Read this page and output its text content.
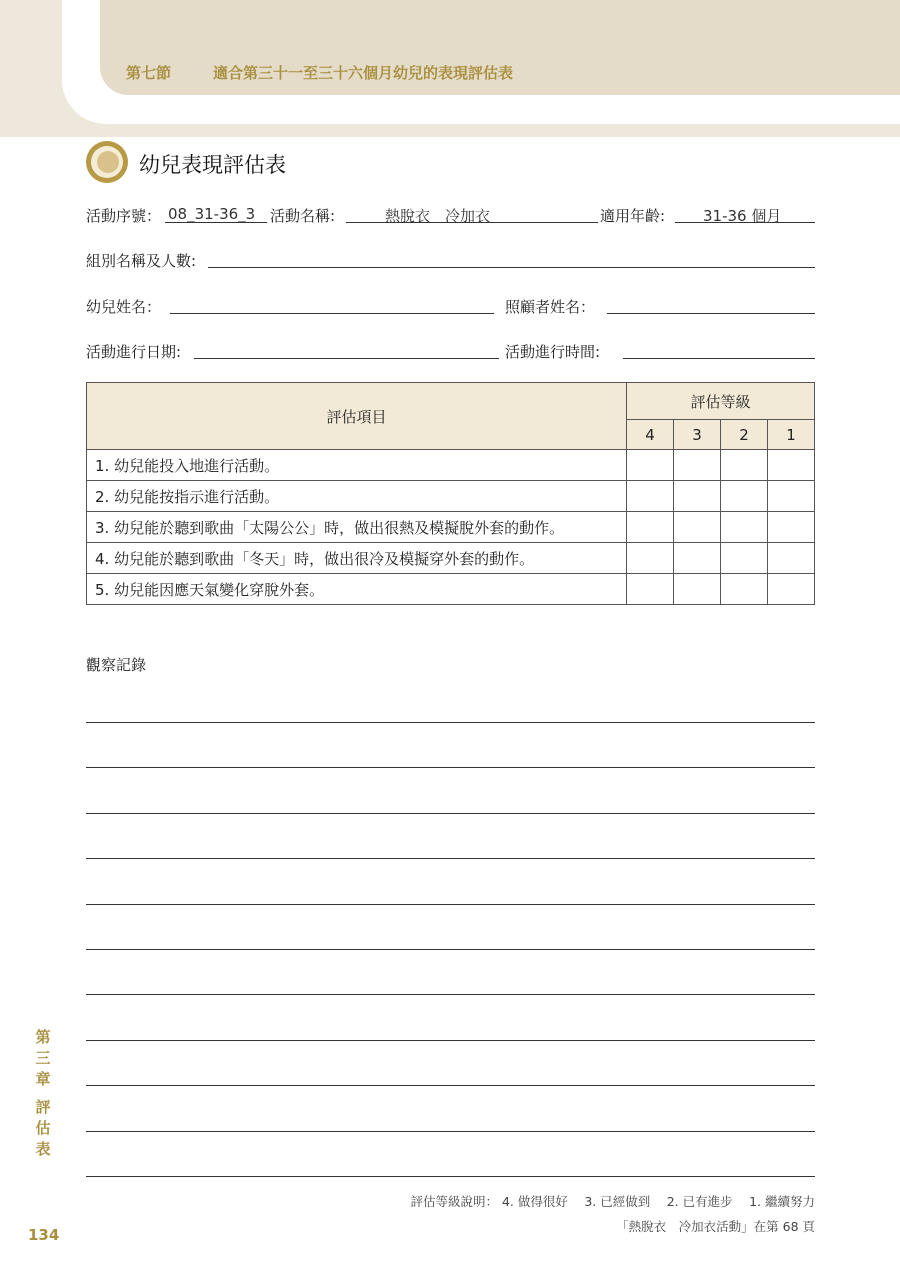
第七節	適合第三十一至三十六個月幼兒的表現評估表
幼兒表現評估表
活動序號： 08_31-36_3 活動名稱:	熱脫衣　冷加衣	適用年齡:	31-36 個月
組別名稱及人數:
幼兒姓名：	照顧者姓名：
活動進行日期:	活動進行時間:
評估項目	評估等級			
	4	3	2	1
1. 幼兒能投入地進行活動。				
2. 幼兒能按指示進行活動。				
3. 幼兒能於聽到歌曲「太陽公公」時，做出很熱及模擬脫外套的動作。				
4. 幼兒能於聽到歌曲「冬天」時，做出很冷及模擬穿外套的動作。				
5. 幼兒能因應天氣變化穿脫外套。				
觀察記錄
第
三
章
評
估
表
134
評估等級說明： 4. 做得很好　 3. 已經做到　 2. 已有進步　 1. 繼續努力
「熱脫衣　冷加衣活動」在第 68 頁
